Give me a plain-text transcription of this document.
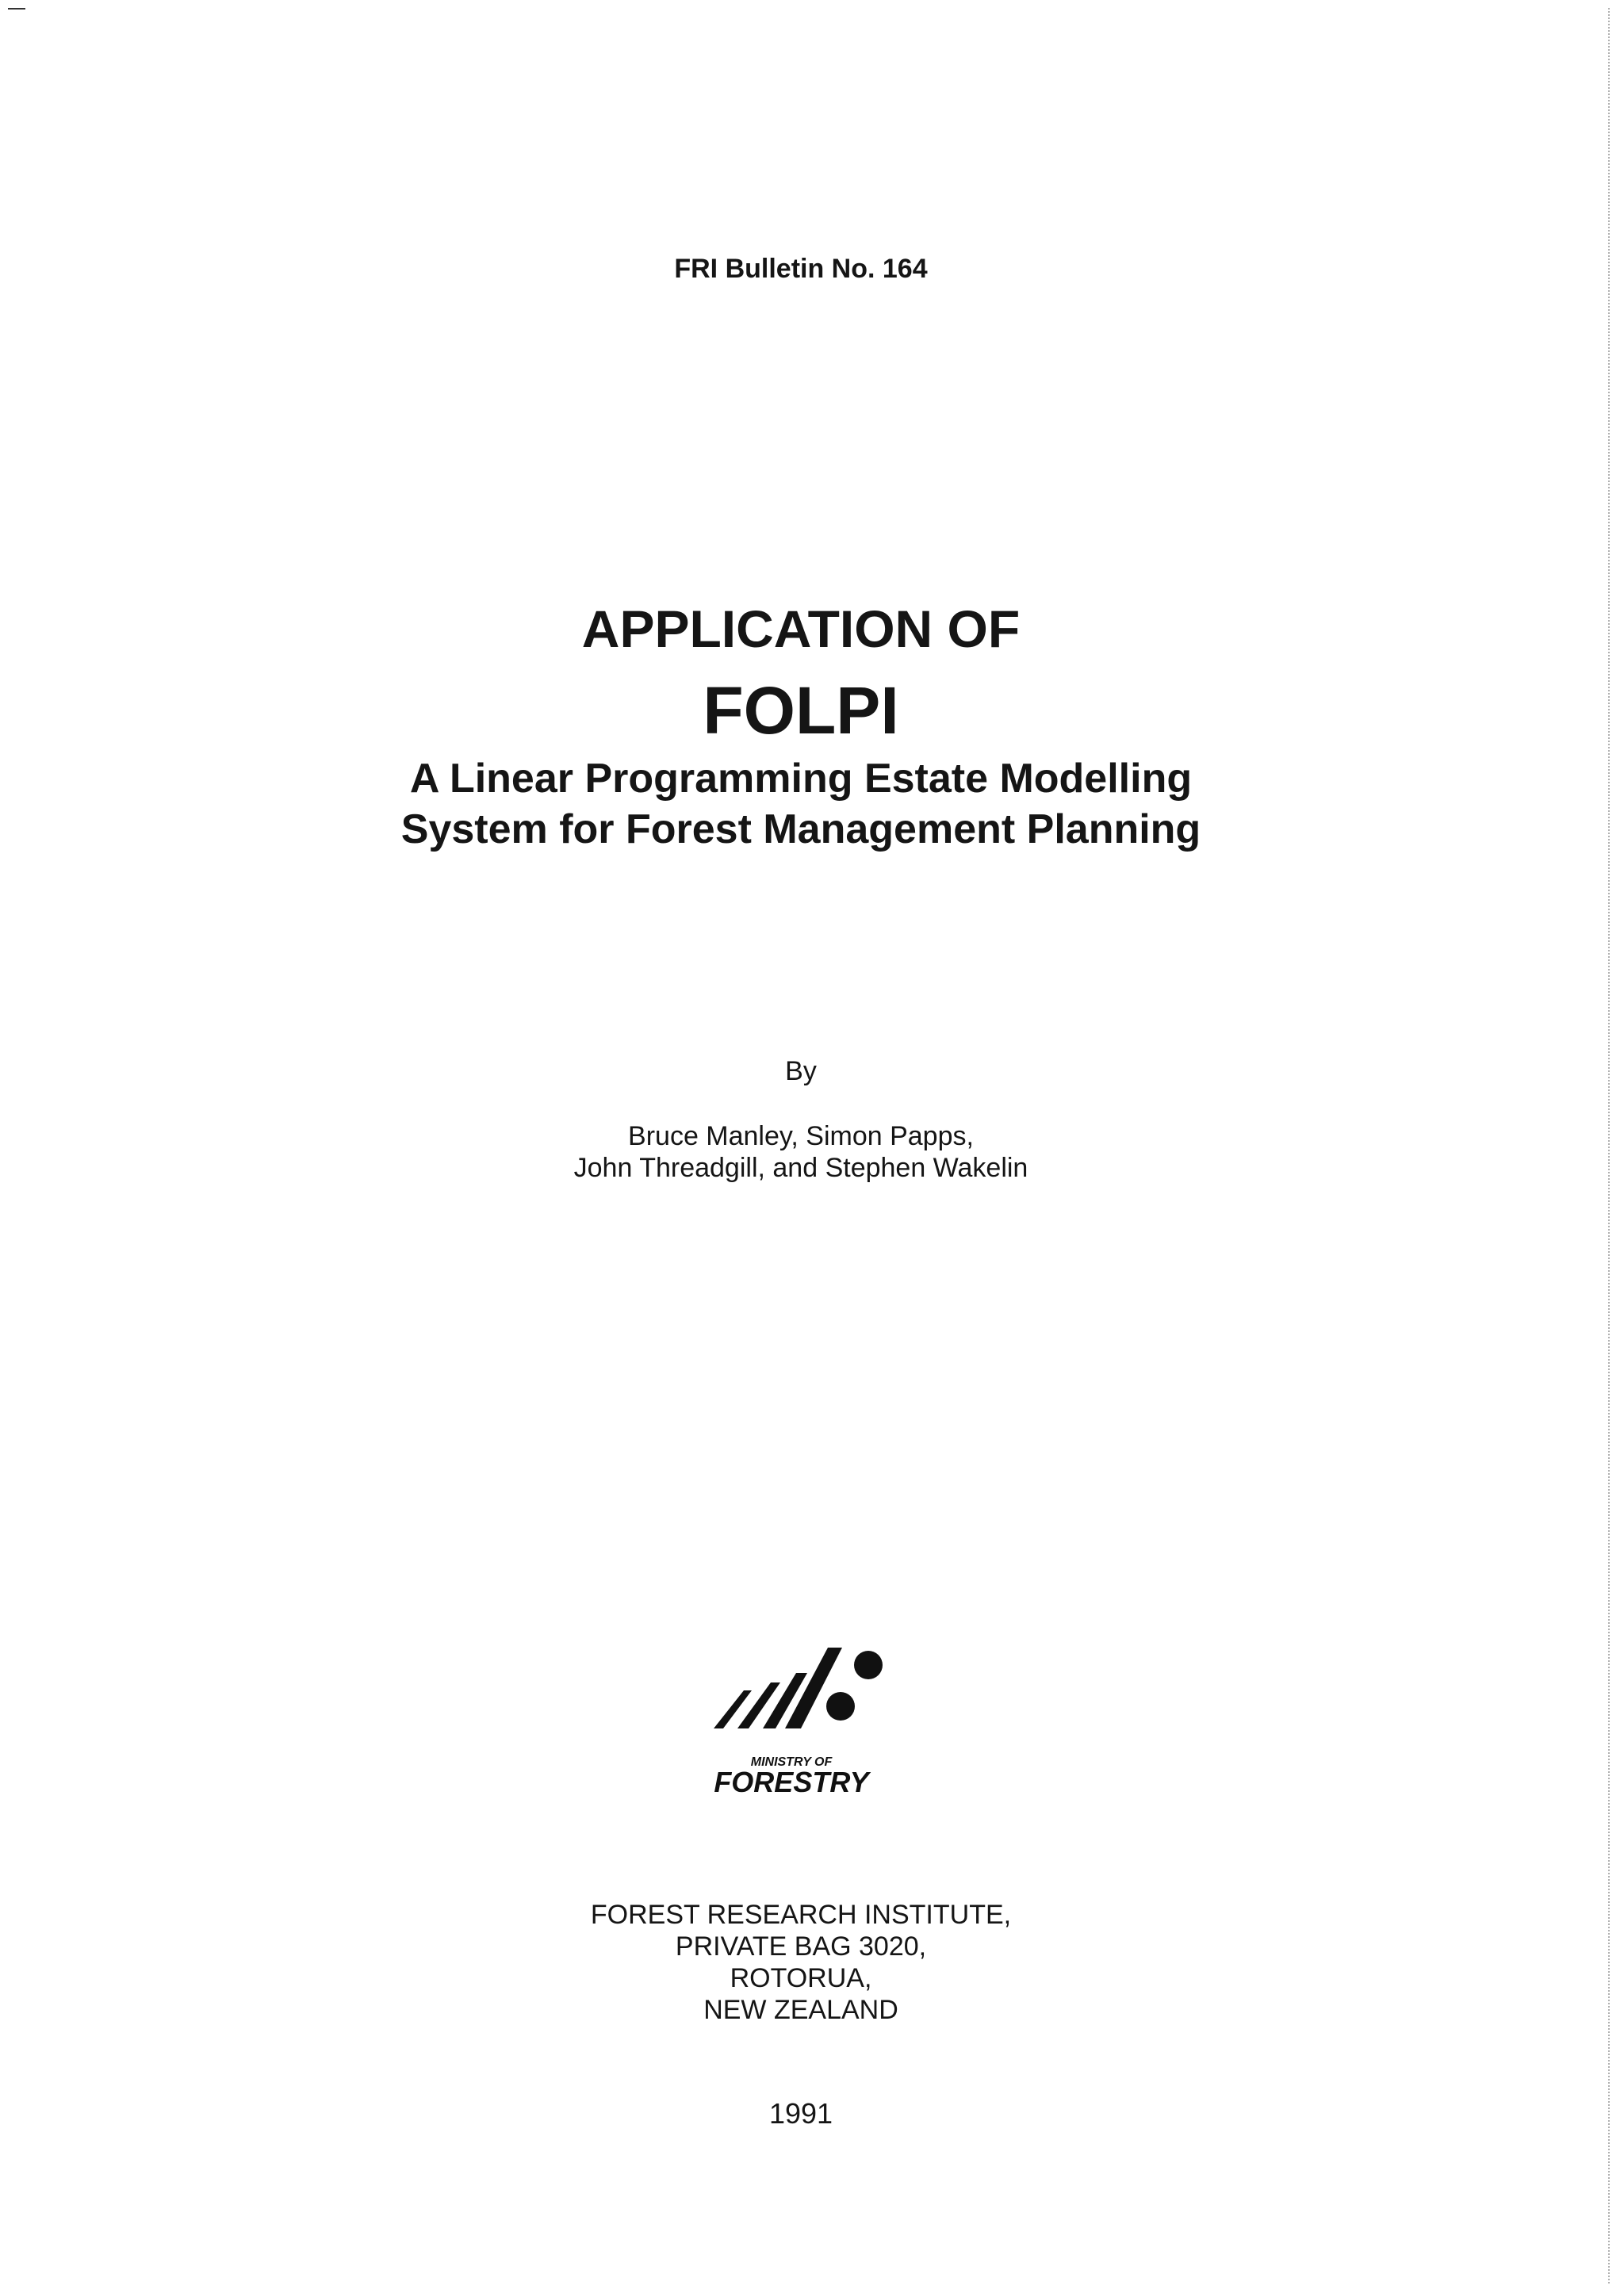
FRI Bulletin No. 164
APPLICATION OF
FOLPI
A Linear Programming Estate Modelling
System for Forest Management Planning
By
Bruce Manley, Simon Papps,
John Threadgill, and Stephen Wakelin
MINISTRY OF
FORESTRY
FOREST RESEARCH INSTITUTE,
PRIVATE BAG 3020,
ROTORUA,
NEW ZEALAND
1991
